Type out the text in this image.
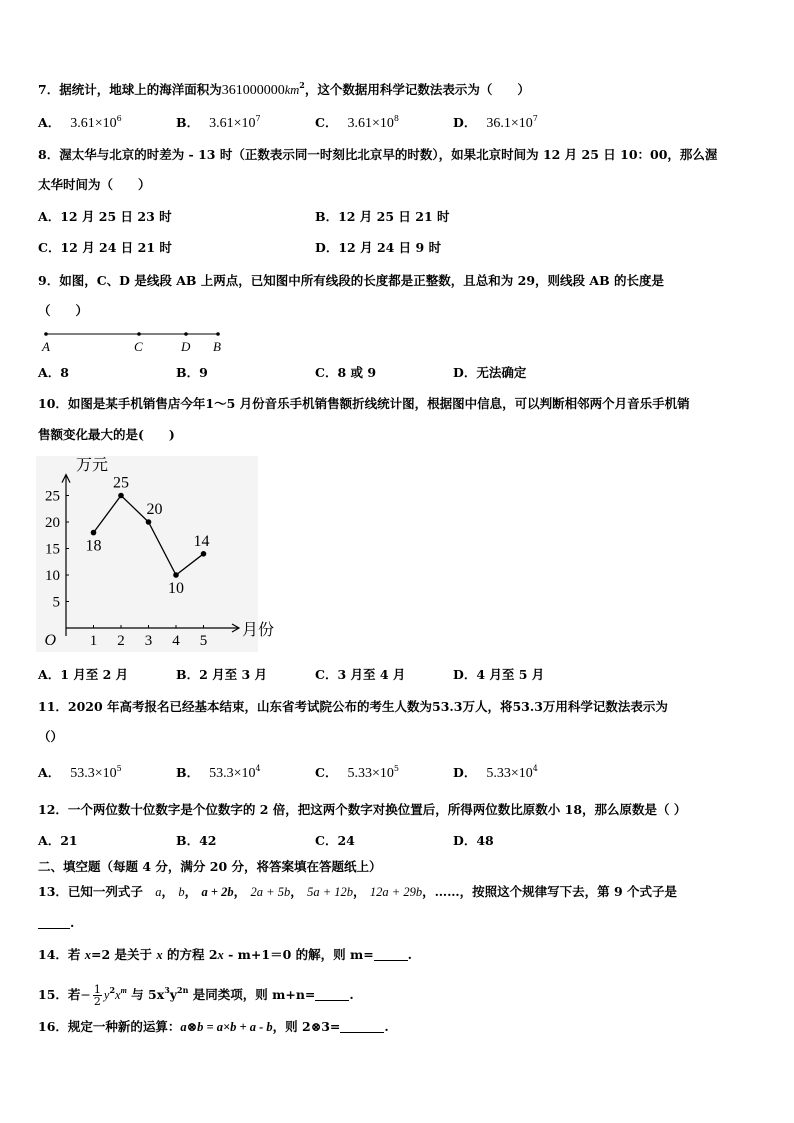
7．据统计，地球上的海洋面积为$361000000km^2$，这个数据用科学记数法表示为（　　）
A． $3.61\times 10^6$	B． $3.61\times 10^7$	C． $3.61\times 10^8$	D． $36.1\times 10^7$
8．渥太华与北京的时差为 - 13 时（正数表示同一时刻比北京早的时数），如果北京时间为 12 月 25 日 10：00，那么渥
太华时间为（　　）
A．12 月 25 日 23 时	B．12 月 25 日 21 时
C．12 月 24 日 21 时	D．12 月 24 日 9 时
9．如图，C、D 是线段 AB 上两点，已知图中所有线段的长度都是正整数，且总和为 29，则线段 AB 的长度是
（　　）
A	C	D B
A．8	B．9	C．8 或 9	D．无法确定
10．如图是某手机销售店今年1～5 月份音乐手机销售额折线统计图，根据图中信息，可以判断相邻两个月音乐手机销
售额变化最大的是(　　)
5
10
15
20
25
1 2 3 4 5
O
万元
月份
18
25
20
10
14
A．1 月至 2 月	B．2 月至 3 月	C．3 月至 4 月	D．4 月至 5 月
11．2020 年高考报名已经基本结束，山东省考试院公布的考生人数为53.3万人，将53.3万用科学记数法表示为
（）
A． $53.3\times 10^5$	B． $53.3\times 10^4$	C． $5.33\times 10^5$	D． $5.33\times 10^4$
12．一个两位数十位数字是个位数字的 2 倍，把这两个数字对换位置后，所得两位数比原数小 18，那么原数是（ ）
A．21	B．42	C．24	D．48
二、填空题（每题 4 分，满分 20 分，将答案填在答题纸上）
13．已知一列式子 a， b， a + 2b， 2a + 5b， 5a + 12b， 12a + 29b，……，按照这个规律写下去，第 9 个式子是
.
14．若 x=2 是关于 x 的方程 2x - m+1＝0 的解，则 m=	.
15．若− $\frac{1}{2} y^2x^m$ 与 $5x^3y^{2n}$ 是同类项，则 m+n=	.
16．规定一种新的运算：a⊗b = a×b + a - b，则 2⊗3=	.
